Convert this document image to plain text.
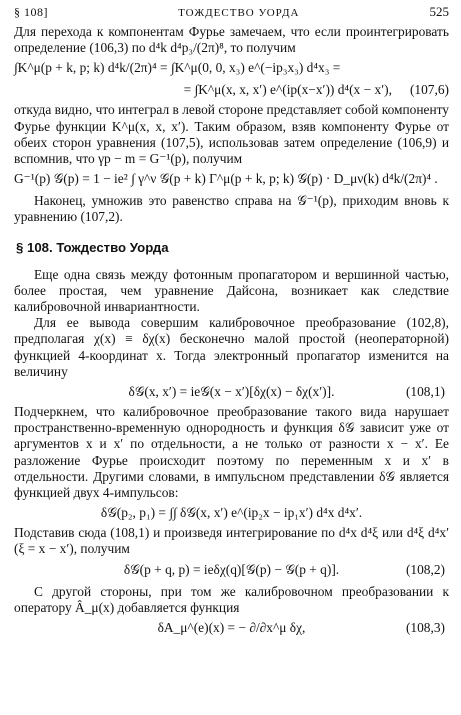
§ 108]	ТОЖДЕСТВО УОРДА	525

Для перехода к компонентам Фурье замечаем, что если проинтегрировать определение (106,3) по d⁴k d⁴p₃/(2π)⁸, то получим

∫K^μ(p + k, p; k) d⁴k/(2π)⁴ = ∫K^μ(0, 0, x₃) e^(−ip₃x₃) d⁴x₃ =
= ∫K^μ(x, x, x′) e^(ip(x−x′)) d⁴(x − x′), (107,6)

откуда видно, что интеграл в левой стороне представляет собой компоненту Фурье функции K^μ(x, x, x′). Таким образом, взяв компоненту Фурье от обеих сторон уравнения (107,5), использовав затем определение (106,9) и вспомнив, что γp − m = G⁻¹(p), получим

G⁻¹(p) 𝒢(p) = 1 − ie² ∫ γ^ν 𝒢(p + k) Γ^μ(p + k, p; k) 𝒢(p) · D_μν(k) d⁴k/(2π)⁴ .

Наконец, умножив это равенство справа на 𝒢⁻¹(p), приходим вновь к уравнению (107,2).

§ 108. Тождество Уорда

Еще одна связь между фотонным пропагатором и вершинной частью, более простая, чем уравнение Дайсона, возникает как следствие калибровочной инвариантности.

Для ее вывода совершим калибровочное преобразование (102,8), предполагая χ(x) ≡ δχ(x) бесконечно малой простой (неоператорной) функцией 4-координат x. Тогда электронный пропагатор изменится на величину

δ𝒢(x, x′) = ie𝒢(x − x′)[δχ(x) − δχ(x′)].	(108,1)

Подчеркнем, что калибровочное преобразование такого вида нарушает пространственно-временную однородность и функция δ𝒢 зависит уже от аргументов x и x′ по отдельности, а не только от разности x − x′. Ее разложение Фурье происходит поэтому по переменным x и x′ в отдельности. Другими словами, в импульсном представлении δ𝒢 является функцией двух 4-импульсов:

δ𝒢(p₂, p₁) = ∫∫ δ𝒢(x, x′) e^(ip₂x − ip₁x′) d⁴x d⁴x′.

Подставив сюда (108,1) и произведя интегрирование по d⁴x d⁴ξ или d⁴ξ d⁴x′ (ξ = x − x′), получим

δ𝒢(p + q, p) = ieδχ(q)[𝒢(p) − 𝒢(p + q)].	(108,2)

С другой стороны, при том же калибровочном преобразовании к оператору Â_μ(x) добавляется функция

δA_μ^(e)(x) = − ∂/∂x^μ δχ,	(108,3)
